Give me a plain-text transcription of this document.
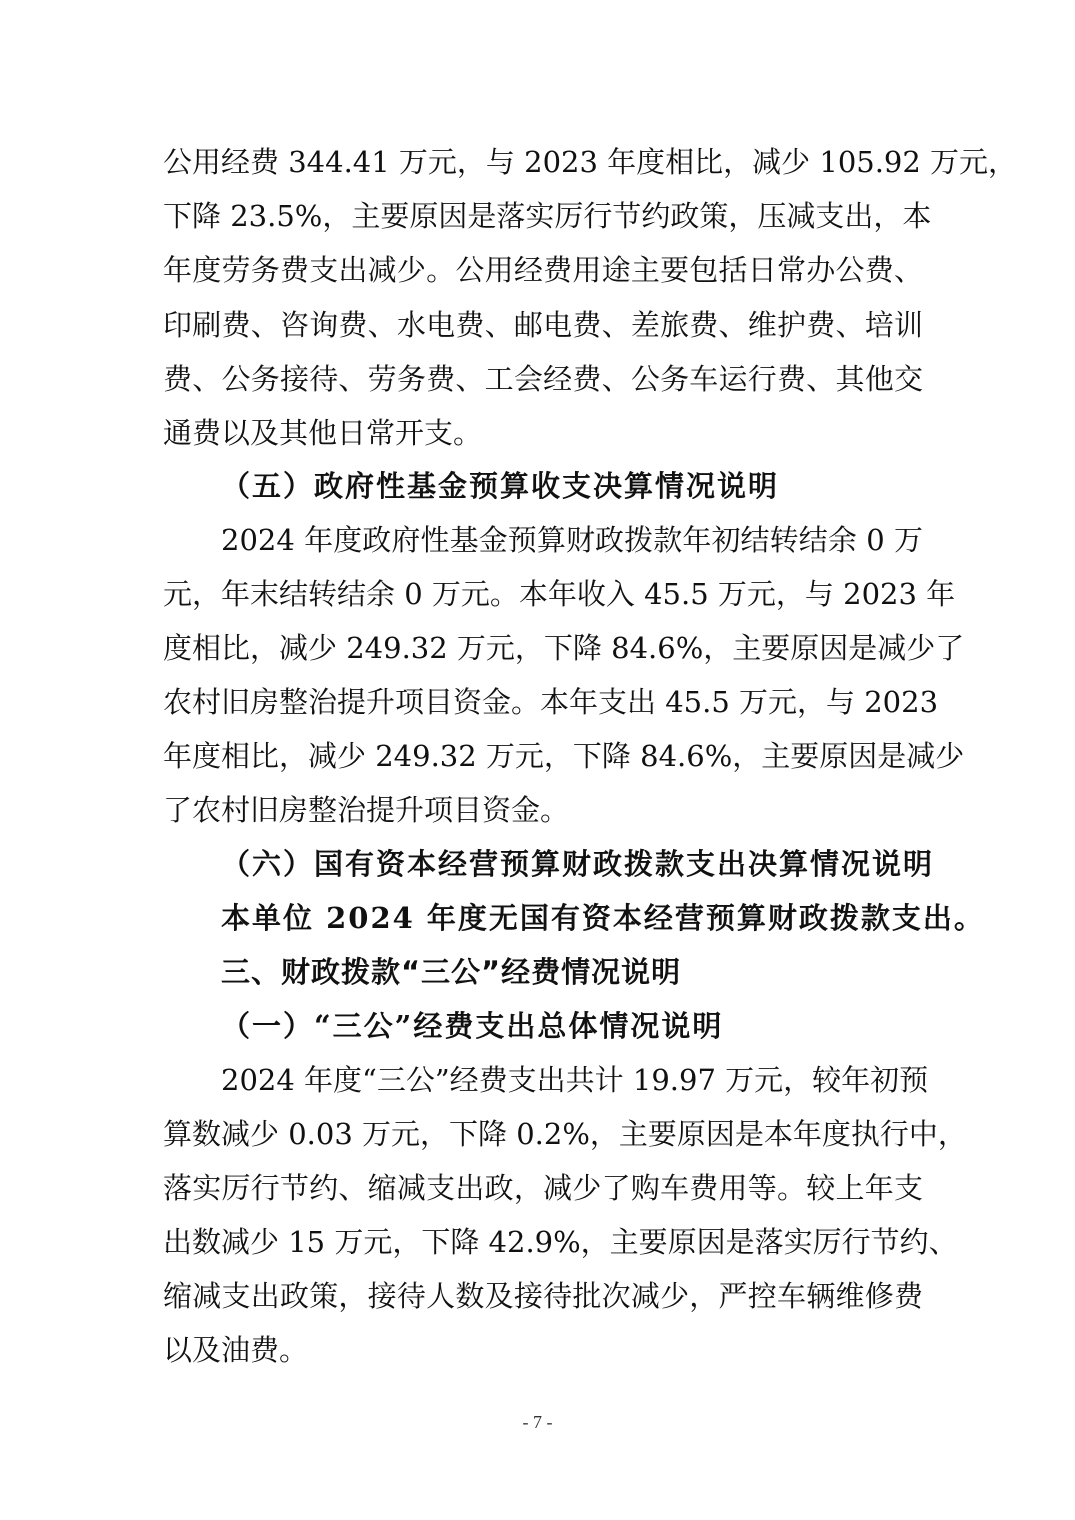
公用经费 344.41 万元，与 2023 年度相比，减少 105.92 万元，
下降 23.5%，主要原因是落实厉行节约政策，压减支出，本
年度劳务费支出减少。公用经费用途主要包括日常办公费、
印刷费、咨询费、水电费、邮电费、差旅费、维护费、培训
费、公务接待、劳务费、工会经费、公务车运行费、其他交
通费以及其他日常开支。
（五）政府性基金预算收支决算情况说明
2024 年度政府性基金预算财政拨款年初结转结余 0 万
元，年末结转结余 0 万元。本年收入 45.5 万元，与 2023 年
度相比，减少 249.32 万元，下降 84.6%，主要原因是减少了
农村旧房整治提升项目资金。本年支出 45.5 万元，与 2023
年度相比，减少 249.32 万元，下降 84.6%，主要原因是减少
了农村旧房整治提升项目资金。
（六）国有资本经营预算财政拨款支出决算情况说明
本单位 2024 年度无国有资本经营预算财政拨款支出。
三、财政拨款“三公”经费情况说明
（一）“三公”经费支出总体情况说明
2024 年度“三公”经费支出共计 19.97 万元，较年初预
算数减少 0.03 万元，下降 0.2%，主要原因是本年度执行中，
落实厉行节约、缩减支出政，减少了购车费用等。较上年支
出数减少 15 万元，下降 42.9%，主要原因是落实厉行节约、
缩减支出政策，接待人数及接待批次减少，严控车辆维修费
以及油费。
- 7 -
